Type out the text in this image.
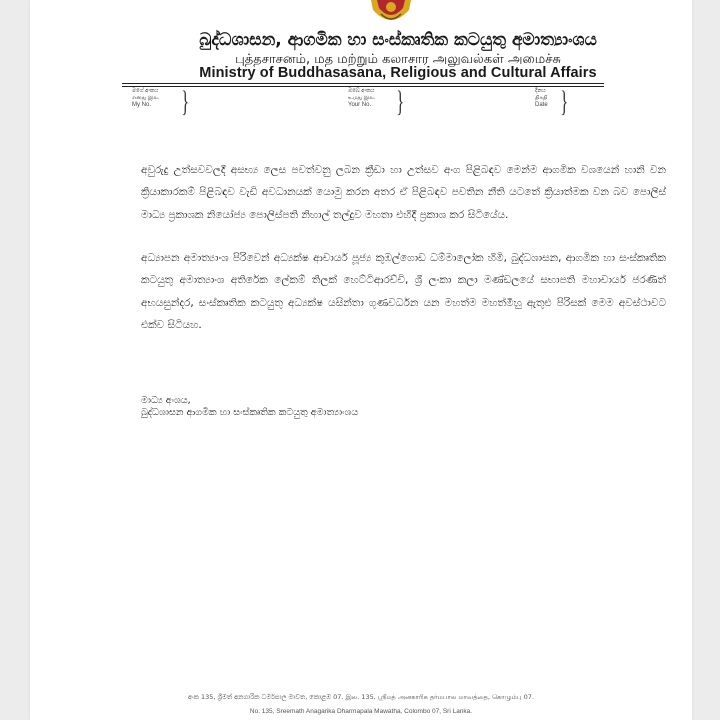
බුද්ධශාසන, ආගමික හා සංස්කෘතික කටයුතු අමාත්‍යාංශය
புத்தசாசனம், மத மற்றும் கலாசார அலுவல்கள் அமைச்சு
Ministry of Buddhasasana, Religious and Cultural Affairs
මගේ අංකය
எனது இல.
My No. }	ඔබේ අංකය
உமது இல.
Your No. }	දිනය
திகதி
Date }

අවුරුදු උත්සවවලදී අසභ්‍ය ලෙස පවත්වනු ලබන ක්‍රීඩා හා උත්සව අංග පිළිබඳව මෙන්ම ආගමික වශයෙන් හානි වන ක්‍රියාකාරකම් පිළිබඳව වැඩි අවධානයක් යොමු කරන අතර ඒ පිළිබඳව පවතින නීති යටතේ ක්‍රියාත්මක වන බව පොලිස් මාධ්‍ය ප්‍රකාශක නියෝජ්‍ය පොලිස්පති නිහාල් තල්දුව මහතා එහිදී ප්‍රකාශ කර සිටියේය.

අධ්‍යාපන අමාත්‍යාංශ පිරිවෙන් අධ්‍යක්ෂ ආචාර්ය පූජ්‍ය කුඹල්ගොඩ ධම්මාලෝක හිමි, බුද්ධශාසන, ආගමික හා සංස්කෘතික කටයුතු අමාත්‍යාංශ අතිරේක ලේකම් තිලක් හෙට්ටිආරච්චි, ශ්‍රී ලංකා කලා මණ්ඩලයේ සභාපති මහාචාර්ය ජරණිත් අභයසුන්දර, සංස්කෘතික කටයුතු අධ්‍යක්ෂ යසින්තා ගුණවර්ධන යන මහත්ම මහත්මීහු ඇතුළු පිරිසක් මෙම අවස්ථාවට එක්ව සිටියහ.

මාධ්‍ය අංශය,
බුද්ධශාසන ආගමික හා සංස්කෘතික කටයුතු අමාත්‍යාංශය
අංක 135, ශ්‍රීමත් අනගාරික ධර්මපාල මාවත, කොළඹ 07. இல. 135, ஸ்ரீமத் அனகாரிக தர்மபால மாவத்தை, கொழும்பு 07.
No. 135, Sreemath Anagarika Dharmapala Mawatha, Colombo 07, Sri Lanka.
